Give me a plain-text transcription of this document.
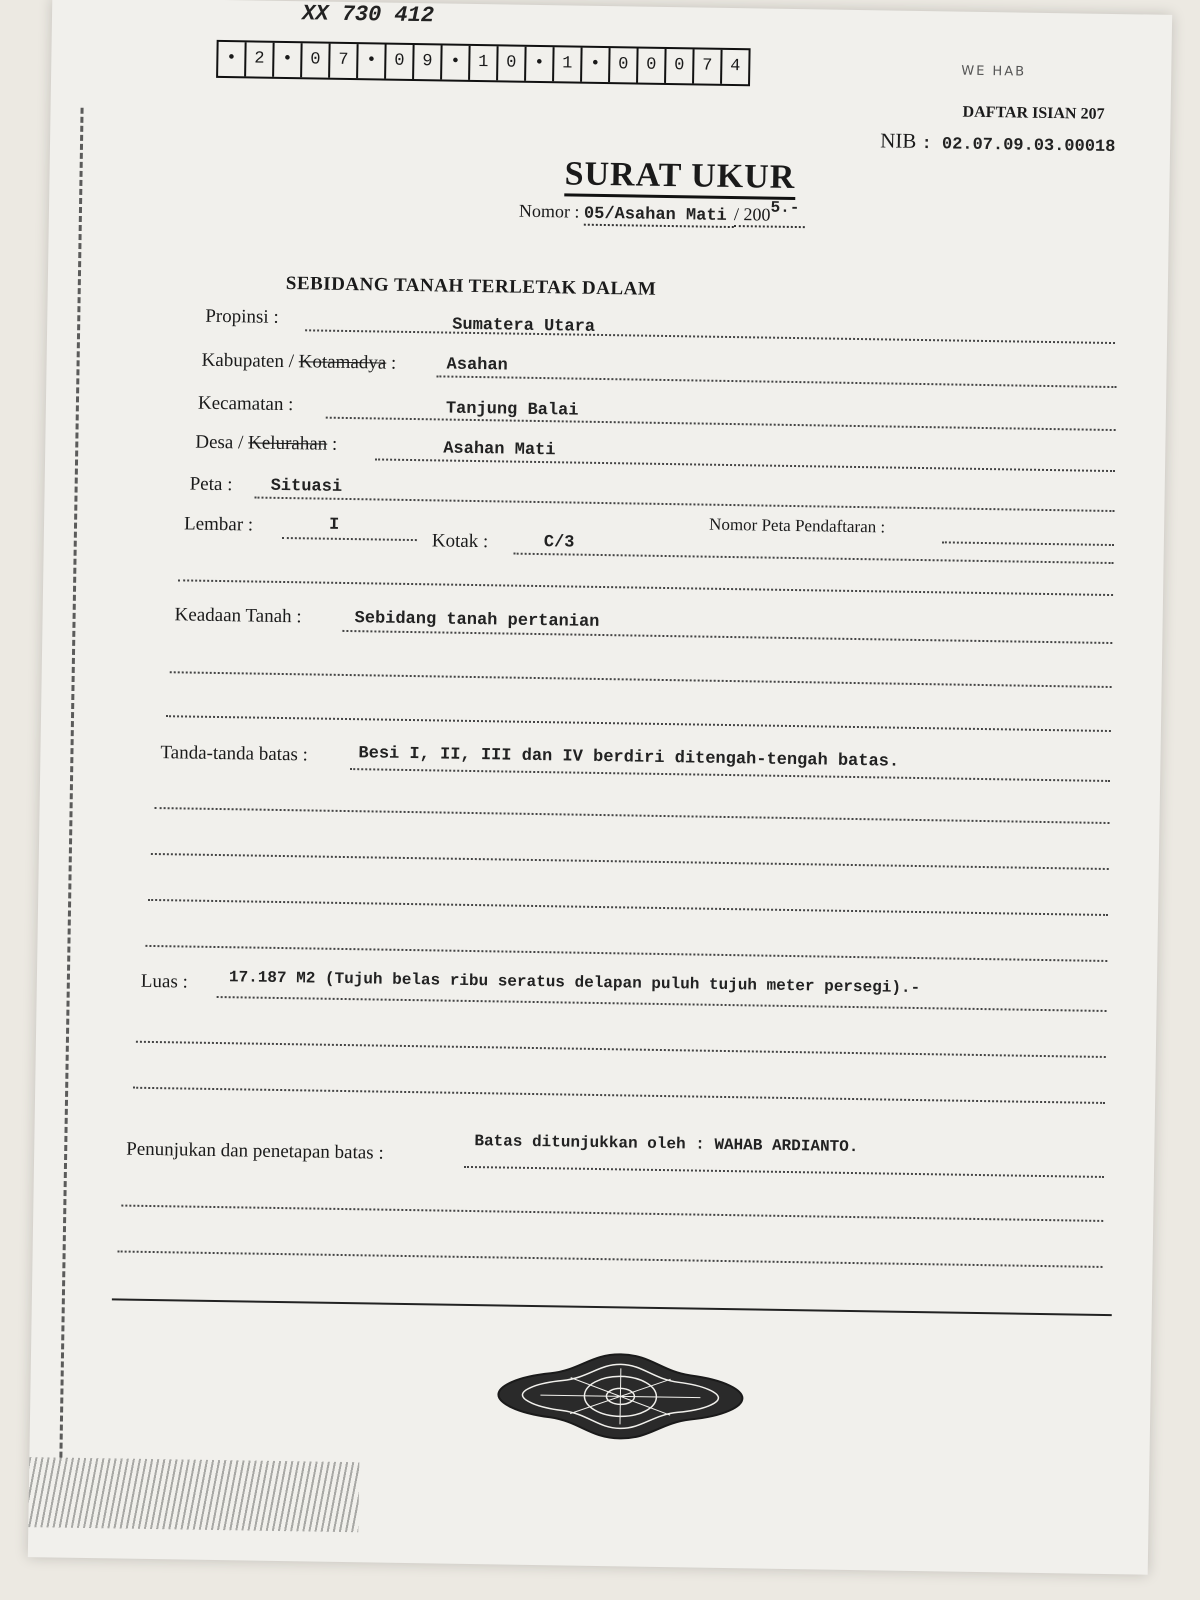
XX 730 412
•	2	•	0	7	•	0	9	•	1	0	•	1	•	0	0	0	7	4	WE HAB
DAFTAR ISIAN 207
NIB : 02.07.09.03.00018
SURAT UKUR
Nomor : 05/Asahan Mati / 2005.-
SEBIDANG TANAH TERLETAK DALAM
Propinsi :	Sumatera Utara
Kabupaten / Kotamadya :	Asahan
Kecamatan :	Tanjung Balai
Desa / Kelurahan :	Asahan Mati
Peta : Situasi
Nomor Peta Pendaftaran :
Lembar :	I
Kotak :	C/3
Keadaan Tanah :	Sebidang tanah pertanian
Tanda-tanda batas :	Besi I, II, III dan IV berdiri ditengah-tengah batas.
Luas :	17.187 M2 (Tujuh belas ribu seratus delapan puluh tujuh meter persegi).-
Penunjukan dan penetapan batas :	Batas ditunjukkan oleh : WAHAB ARDIANTO.
